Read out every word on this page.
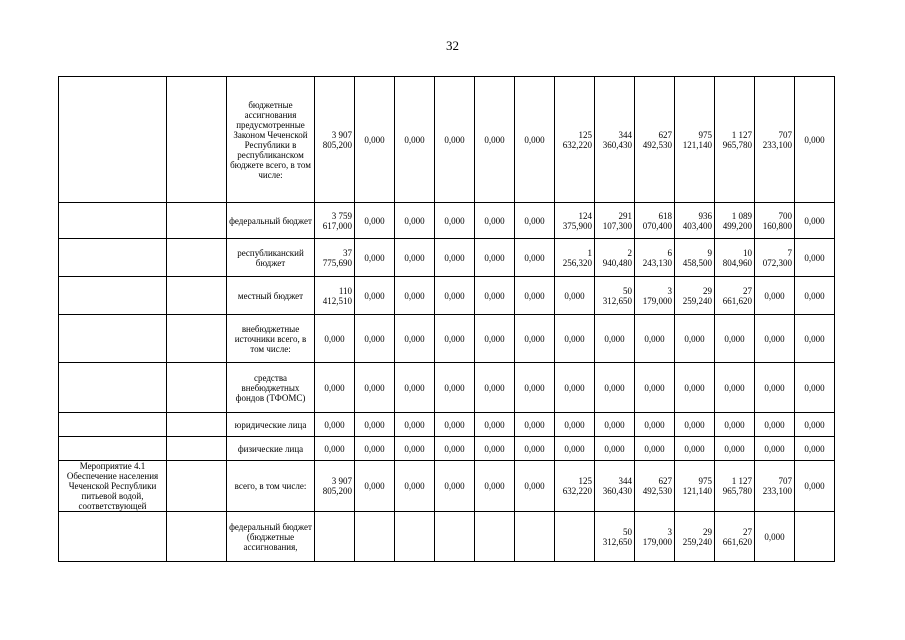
32
		бюджетные ассигнования предусмотренные Законом Чеченской Республики в республиканском бюджете всего, в том числе:	3 907 805,200	0,000	0,000	0,000	0,000	0,000	125 632,220	344 360,430	627 492,530	975 121,140	1 127 965,780	707 233,100	0,000
		федеральный бюджет	3 759 617,000	0,000	0,000	0,000	0,000	0,000	124 375,900	291 107,300	618 070,400	936 403,400	1 089 499,200	700 160,800	0,000
		республиканский бюджет	37 775,690	0,000	0,000	0,000	0,000	0,000	1 256,320	2 940,480	6 243,130	9 458,500	10 804,960	7 072,300	0,000
		местный бюджет	110 412,510	0,000	0,000	0,000	0,000	0,000	0,000	50 312,650	3 179,000	29 259,240	27 661,620	0,000	0,000
		внебюджетные источники всего, в том числе:	0,000	0,000	0,000	0,000	0,000	0,000	0,000	0,000	0,000	0,000	0,000	0,000	0,000
		средства внебюджетных фондов (ТФОМС)	0,000	0,000	0,000	0,000	0,000	0,000	0,000	0,000	0,000	0,000	0,000	0,000	0,000
		юридические лица	0,000	0,000	0,000	0,000	0,000	0,000	0,000	0,000	0,000	0,000	0,000	0,000	0,000
		физические лица	0,000	0,000	0,000	0,000	0,000	0,000	0,000	0,000	0,000	0,000	0,000	0,000	0,000
Мероприятие 4.1 Обеспечение населения Чеченской Республики питьевой водой, соответствующей		всего, в том числе:	3 907 805,200	0,000	0,000	0,000	0,000	0,000	125 632,220	344 360,430	627 492,530	975 121,140	1 127 965,780	707 233,100	0,000
		федеральный бюджет (бюджетные ассигнования,								50 312,650	3 179,000	29 259,240	27 661,620	0,000	
